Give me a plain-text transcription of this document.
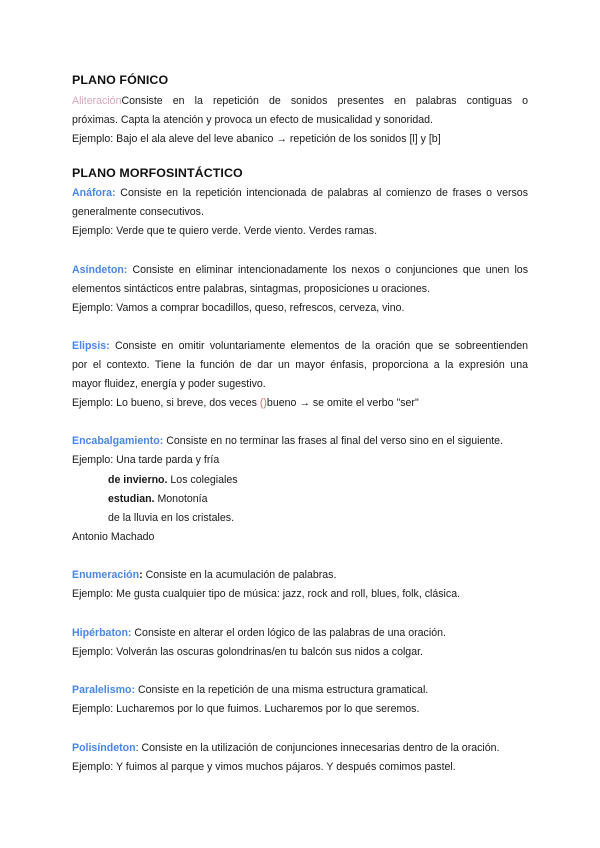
PLANO FÓNICO
AliteraciónConsiste en la repetición de sonidos presentes en palabras contiguas o
próximas. Capta la atención y provoca un efecto de musicalidad y sonoridad.
Ejemplo: Bajo el ala aleve del leve abanico → repetición de los sonidos [l] y [b]
PLANO MORFOSINTÁCTICO
Anáfora: Consiste en la repetición intencionada de palabras al comienzo de frases o versos
generalmente consecutivos.
Ejemplo: Verde que te quiero verde. Verde viento. Verdes ramas.
Asíndeton: Consiste en eliminar intencionadamente los nexos o conjunciones que unen los
elementos sintácticos entre palabras, sintagmas, proposiciones u oraciones.
Ejemplo: Vamos a comprar bocadillos, queso, refrescos, cerveza, vino.
Elipsis: Consiste en omitir voluntariamente elementos de la oración que se sobreentienden
por el contexto. Tiene la función de dar un mayor énfasis, proporciona a la expresión una
mayor fluidez, energía y poder sugestivo.
Ejemplo: Lo bueno, si breve, dos veces ()bueno → se omite el verbo "ser"
Encabalgamiento: Consiste en no terminar las frases al final del verso sino en el siguiente.
Ejemplo: Una tarde parda y fría
de invierno. Los colegiales
estudian. Monotonía
de la lluvia en los cristales.
Antonio Machado
Enumeración: Consiste en la acumulación de palabras.
Ejemplo: Me gusta cualquier tipo de música: jazz, rock and roll, blues, folk, clásica.
Hipérbaton: Consiste en alterar el orden lógico de las palabras de una oración.
Ejemplo: Volverán las oscuras golondrinas/en tu balcón sus nidos a colgar.
Paralelismo: Consiste en la repetición de una misma estructura gramatical.
Ejemplo: Lucharemos por lo que fuimos. Lucharemos por lo que seremos.
Polisíndeton: Consiste en la utilización de conjunciones innecesarias dentro de la oración.
Ejemplo: Y fuimos al parque y vimos muchos pájaros. Y después comimos pastel.
